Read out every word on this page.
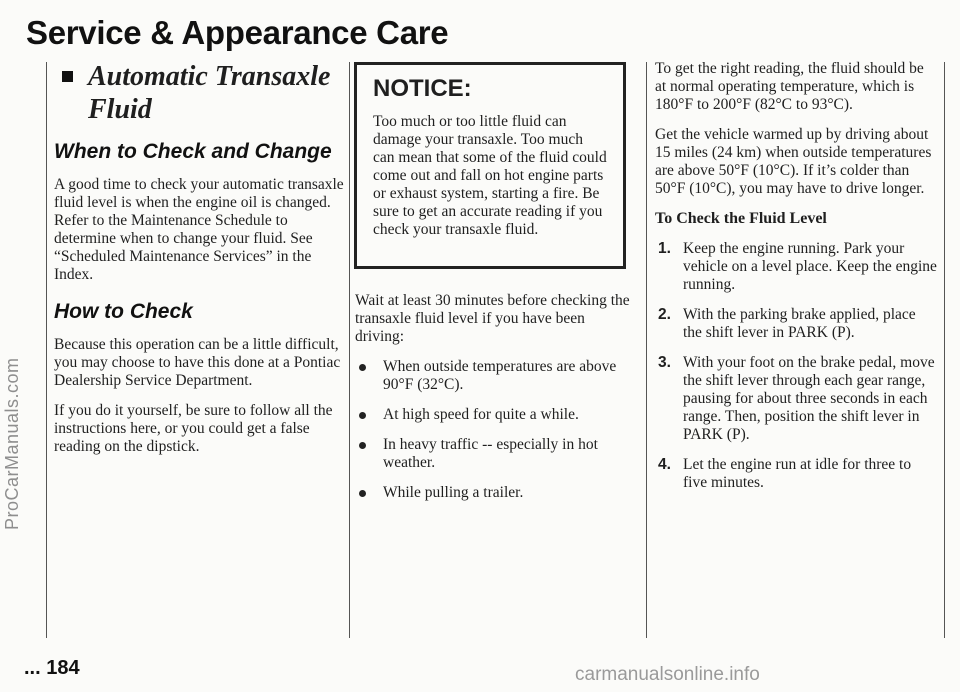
Service & Appearance Care
ProCarManuals.com
Automatic Transaxle Fluid
When to Check and Change

A good time to check your automatic transaxle fluid level is when the engine oil is changed. Refer to the Maintenance Schedule to determine when to change your fluid. See “Scheduled Maintenance Services” in the Index.

How to Check

Because this operation can be a little difficult, you may choose to have this done at a Pontiac Dealership Service Department.

If you do it yourself, be sure to follow all the instructions here, or you could get a false reading on the dipstick.

NOTICE:
Too much or too little fluid can damage your transaxle. Too much can mean that some of the fluid could come out and fall on hot engine parts or exhaust system, starting a fire. Be sure to get an accurate reading if you check your transaxle fluid.

Wait at least 30 minutes before checking the transaxle fluid level if you have been driving:

When outside temperatures are above 90°F (32°C).
At high speed for quite a while.
In heavy traffic -- especially in hot weather.
While pulling a trailer.

To get the right reading, the fluid should be at normal operating temperature, which is 180°F to 200°F (82°C to 93°C).

Get the vehicle warmed up by driving about 15 miles (24 km) when outside temperatures are above 50°F (10°C). If it’s colder than 50°F (10°C), you may have to drive longer.

To Check the Fluid Level
1. Keep the engine running. Park your vehicle on a level place. Keep the engine running.
2. With the parking brake applied, place the shift lever in PARK (P).
3. With your foot on the brake pedal, move the shift lever through each gear range, pausing for about three seconds in each range. Then, position the shift lever in PARK (P).
4. Let the engine run at idle for three to five minutes.
... 184	carmanualsonline.info
